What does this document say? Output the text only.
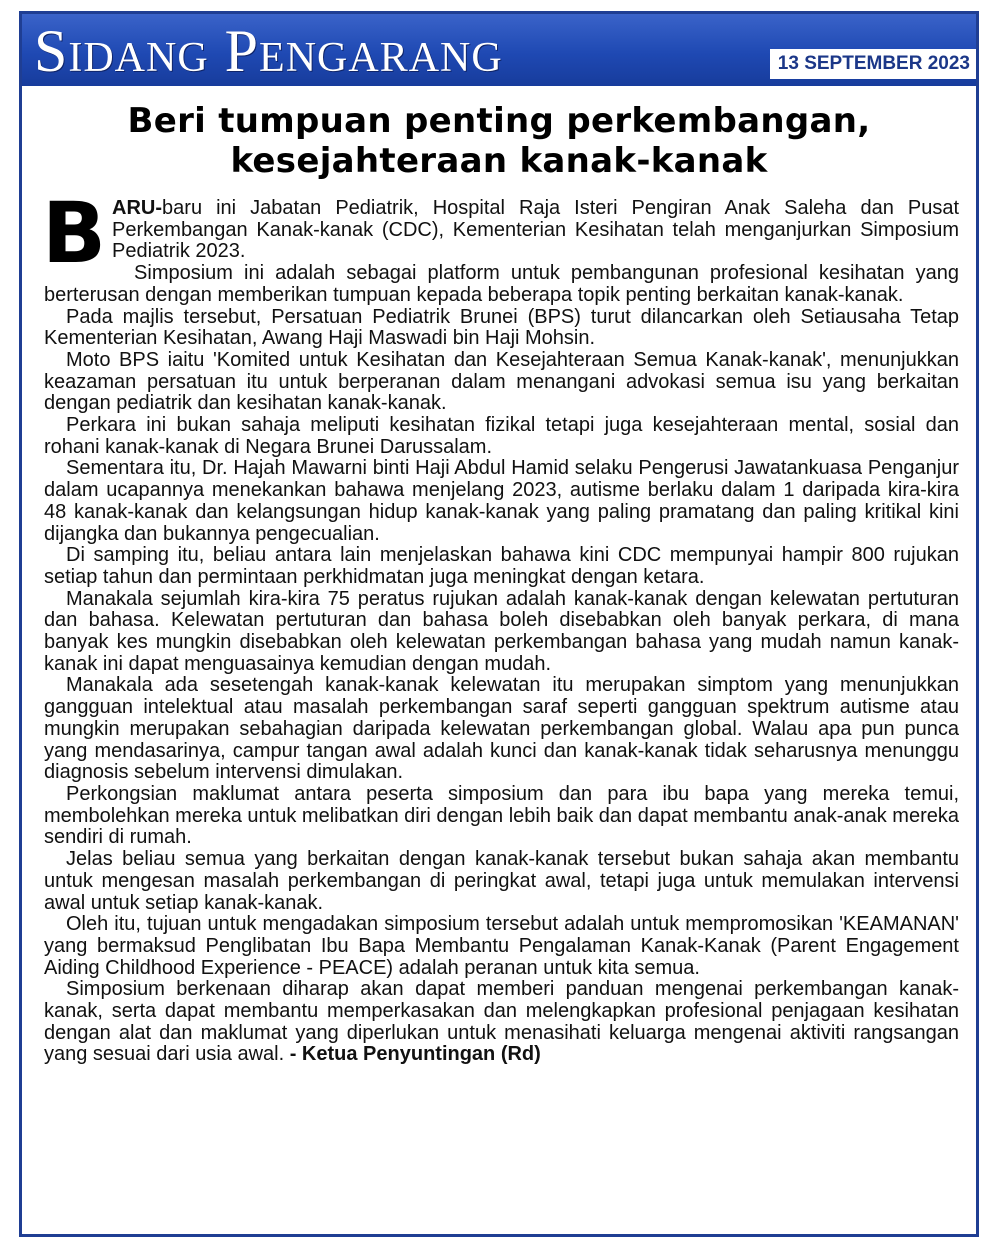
Sidang Pengarang	13 SEPTEMBER 2023
Beri tumpuan penting perkembangan,
kesejahteraan kanak-kanak

BARU-baru ini Jabatan Pediatrik, Hospital Raja Isteri Pengiran Anak Saleha dan Pusat Perkembangan Kanak-kanak (CDC), Kementerian Kesihatan telah menganjurkan Simposium Pediatrik 2023.

Simposium ini adalah sebagai platform untuk pembangunan profesional kesihatan yang berterusan dengan memberikan tumpuan kepada beberapa topik penting berkaitan kanak-kanak.

Pada majlis tersebut, Persatuan Pediatrik Brunei (BPS) turut dilancarkan oleh Setiausaha Tetap Kementerian Kesihatan, Awang Haji Maswadi bin Haji Mohsin.

Moto BPS iaitu 'Komited untuk Kesihatan dan Kesejahteraan Semua Kanak-kanak', menunjukkan keazaman persatuan itu untuk berperanan dalam menangani advokasi semua isu yang berkaitan dengan pediatrik dan kesihatan kanak-kanak.

Perkara ini bukan sahaja meliputi kesihatan fizikal tetapi juga kesejahteraan mental, sosial dan rohani kanak-kanak di Negara Brunei Darussalam.

Sementara itu, Dr. Hajah Mawarni binti Haji Abdul Hamid selaku Pengerusi Jawatankuasa Penganjur dalam ucapannya menekankan bahawa menjelang 2023, autisme berlaku dalam 1 daripada kira-kira 48 kanak-kanak dan kelangsungan hidup kanak-kanak yang paling pramatang dan paling kritikal kini dijangka dan bukannya pengecualian.

Di samping itu, beliau antara lain menjelaskan bahawa kini CDC mempunyai hampir 800 rujukan setiap tahun dan permintaan perkhidmatan juga meningkat dengan ketara.

Manakala sejumlah kira-kira 75 peratus rujukan adalah kanak-kanak dengan kelewatan pertuturan dan bahasa. Kelewatan pertuturan dan bahasa boleh disebabkan oleh banyak perkara, di mana banyak kes mungkin disebabkan oleh kelewatan perkembangan bahasa yang mudah namun kanak-kanak ini dapat menguasainya kemudian dengan mudah.

Manakala ada sesetengah kanak-kanak kelewatan itu merupakan simptom yang menunjukkan gangguan intelektual atau masalah perkembangan saraf seperti gangguan spektrum autisme atau mungkin merupakan sebahagian daripada kelewatan perkembangan global. Walau apa pun punca yang mendasarinya, campur tangan awal adalah kunci dan kanak-kanak tidak seharusnya menunggu diagnosis sebelum intervensi dimulakan.

Perkongsian maklumat antara peserta simposium dan para ibu bapa yang mereka temui, membolehkan mereka untuk melibatkan diri dengan lebih baik dan dapat membantu anak-anak mereka sendiri di rumah.

Jelas beliau semua yang berkaitan dengan kanak-kanak tersebut bukan sahaja akan membantu untuk mengesan masalah perkembangan di peringkat awal, tetapi juga untuk memulakan intervensi awal untuk setiap kanak-kanak.

Oleh itu, tujuan untuk mengadakan simposium tersebut adalah untuk mempromosikan 'KEAMANAN' yang bermaksud Penglibatan Ibu Bapa Membantu Pengalaman Kanak-Kanak (Parent Engagement Aiding Childhood Experience - PEACE) adalah peranan untuk kita semua.

Simposium berkenaan diharap akan dapat memberi panduan mengenai perkembangan kanak-kanak, serta dapat membantu memperkasakan dan melengkapkan profesional penjagaan kesihatan dengan alat dan maklumat yang diperlukan untuk menasihati keluarga mengenai aktiviti rangsangan yang sesuai dari usia awal. - Ketua Penyuntingan (Rd)
